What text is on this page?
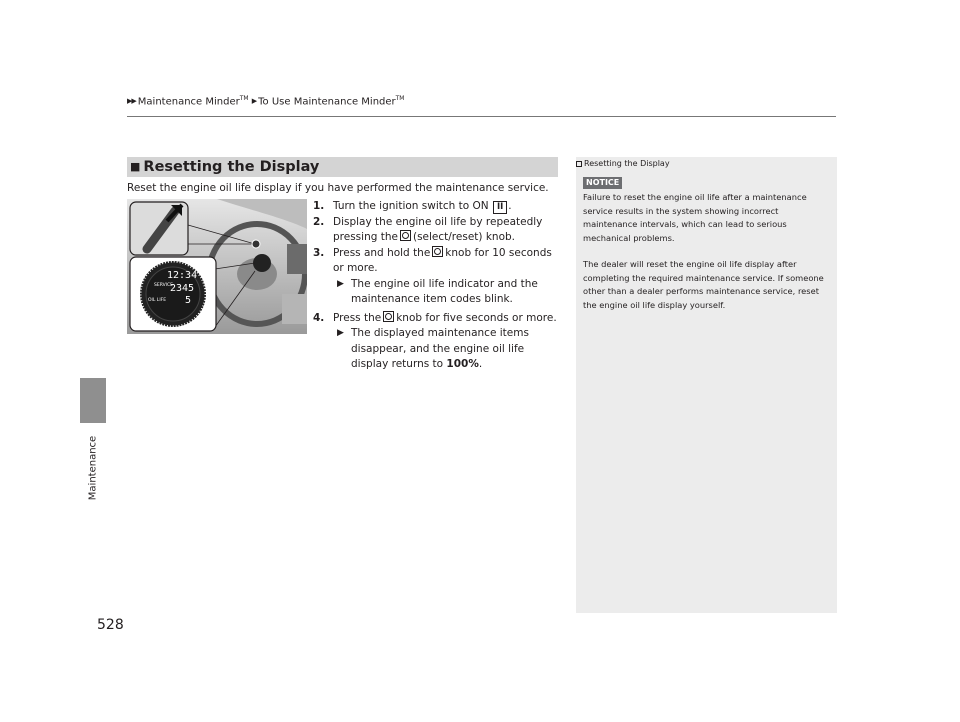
▶▶ Maintenance Minder™ ▶ To Use Maintenance Minder™
Maintenance
528
■ Resetting the Display
Reset the engine oil life display if you have performed the maintenance service.
12:34
SERVICE
2345
OIL LIFE 5
1. Turn the ignition switch to ON II .
2. Display the engine oil life by repeatedly pressing the (select/reset) knob.
3. Press and hold the knob for 10 seconds or more.
▶ The engine oil life indicator and the maintenance item codes blink.
4. Press the knob for five seconds or more.
▶ The displayed maintenance items disappear, and the engine oil life display returns to 100%.
Resetting the Display
NOTICE
Failure to reset the engine oil life after a maintenance service results in the system showing incorrect maintenance intervals, which can lead to serious mechanical problems.
The dealer will reset the engine oil life display after completing the required maintenance service. If someone other than a dealer performs maintenance service, reset the engine oil life display yourself.
